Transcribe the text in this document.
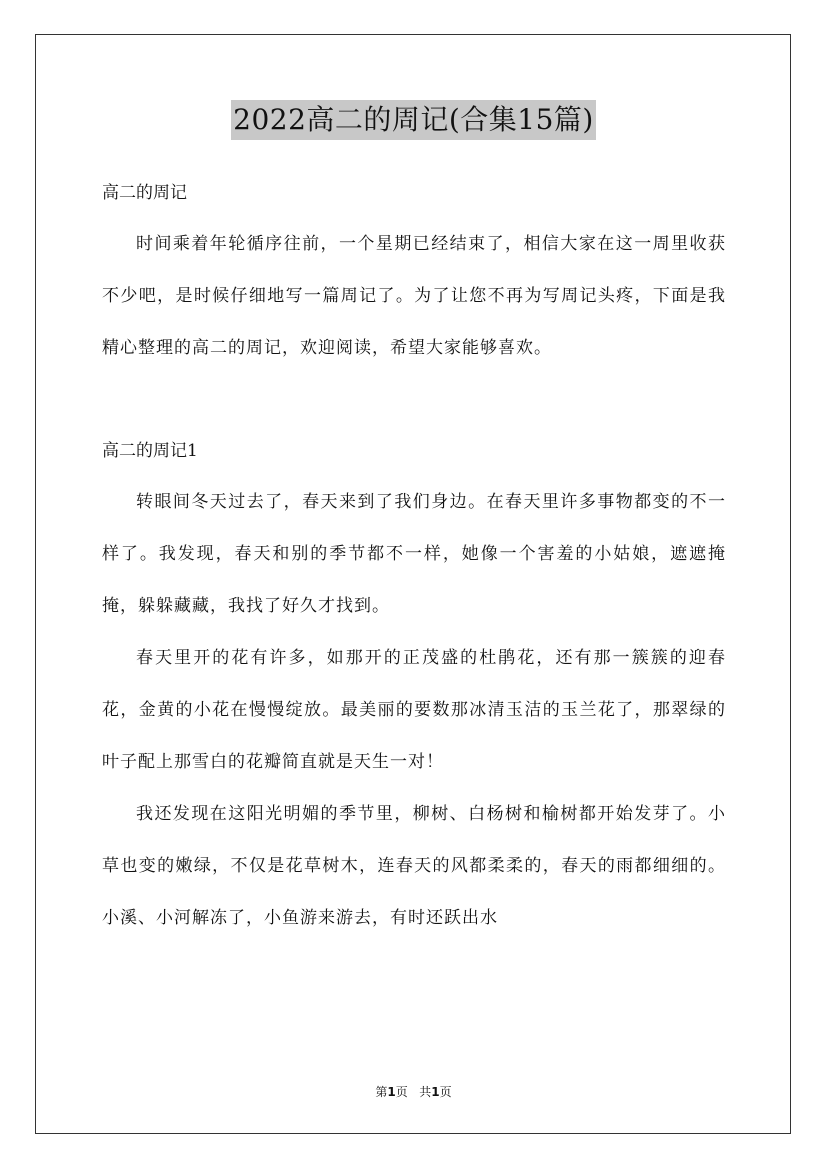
2022高二的周记(合集15篇)

高二的周记

时间乘着年轮循序往前，一个星期已经结束了，相信大家在这一周里收获不少吧，是时候仔细地写一篇周记了。为了让您不再为写周记头疼，下面是我精心整理的高二的周记，欢迎阅读，希望大家能够喜欢。

高二的周记1

转眼间冬天过去了，春天来到了我们身边。在春天里许多事物都变的不一样了。我发现，春天和别的季节都不一样，她像一个害羞的小姑娘，遮遮掩掩，躲躲藏藏，我找了好久才找到。

春天里开的花有许多，如那开的正茂盛的杜鹃花，还有那一簇簇的迎春花，金黄的小花在慢慢绽放。最美丽的要数那冰清玉洁的玉兰花了，那翠绿的叶子配上那雪白的花瓣简直就是天生一对！

我还发现在这阳光明媚的季节里，柳树、白杨树和榆树都开始发芽了。小草也变的嫩绿，不仅是花草树木，连春天的风都柔柔的，春天的雨都细细的。小溪、小河解冻了，小鱼游来游去，有时还跃出水

第1页 共1页
